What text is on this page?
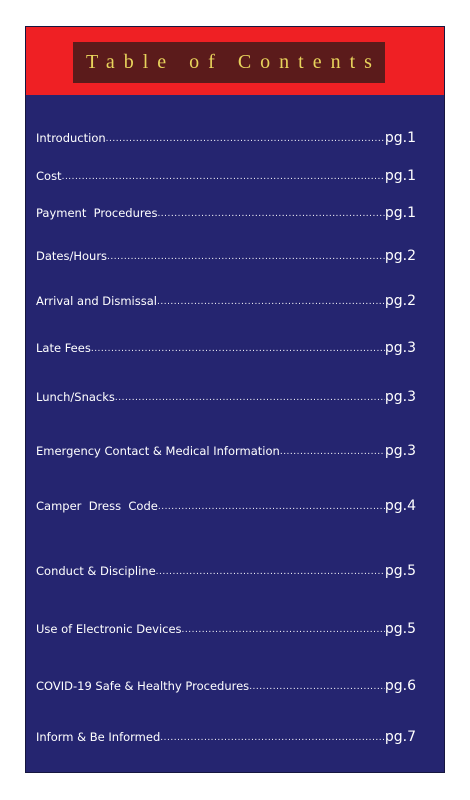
Table of Contents
Introduction .....	pg.1
Cost .....	pg.1
Payment  Procedures .....	pg.1
Dates/Hours .....	pg.2
Arrival and Dismissal .....	pg.2
Late Fees .....	pg.3
Lunch/Snacks .....	pg.3
Emergency Contact & Medical Information .....	pg.3
Camper  Dress  Code .....	pg.4
Conduct & Discipline .....	pg.5
Use of Electronic Devices .....	pg.5
COVID-19 Safe & Healthy Procedures .....	pg.6
Inform & Be Informed .....	pg.7
